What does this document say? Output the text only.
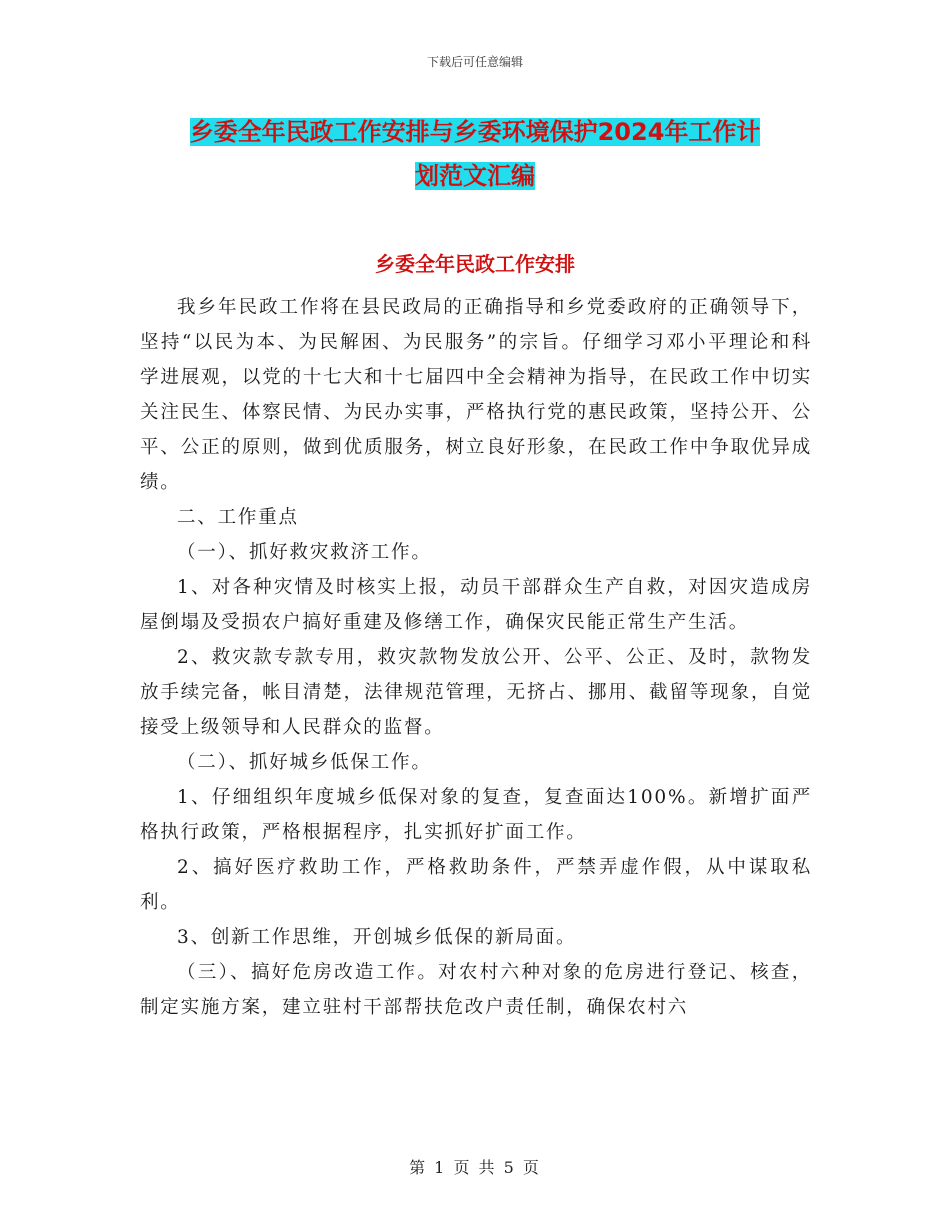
下载后可任意编辑
乡委全年民政工作安排与乡委环境保护2024年工作计
划范文汇编
乡委全年民政工作安排

我乡年民政工作将在县民政局的正确指导和乡党委政府的正确领导下，坚持“以民为本、为民解困、为民服务”的宗旨。仔细学习邓小平理论和科学进展观，以党的十七大和十七届四中全会精神为指导，在民政工作中切实关注民生、体察民情、为民办实事，严格执行党的惠民政策，坚持公开、公平、公正的原则，做到优质服务，树立良好形象，在民政工作中争取优异成绩。

二、工作重点

（一）、抓好救灾救济工作。

1、对各种灾情及时核实上报，动员干部群众生产自救，对因灾造成房屋倒塌及受损农户搞好重建及修缮工作，确保灾民能正常生产生活。

2、救灾款专款专用，救灾款物发放公开、公平、公正、及时，款物发放手续完备，帐目清楚，法律规范管理，无挤占、挪用、截留等现象，自觉接受上级领导和人民群众的监督。

（二）、抓好城乡低保工作。

1、仔细组织年度城乡低保对象的复查，复查面达100%。新增扩面严格执行政策，严格根据程序，扎实抓好扩面工作。

2、搞好医疗救助工作，严格救助条件，严禁弄虚作假，从中谋取私利。

3、创新工作思维，开创城乡低保的新局面。

（三）、搞好危房改造工作。对农村六种对象的危房进行登记、核查，制定实施方案，建立驻村干部帮扶危改户责任制，确保农村六

第 1 页 共 5 页
